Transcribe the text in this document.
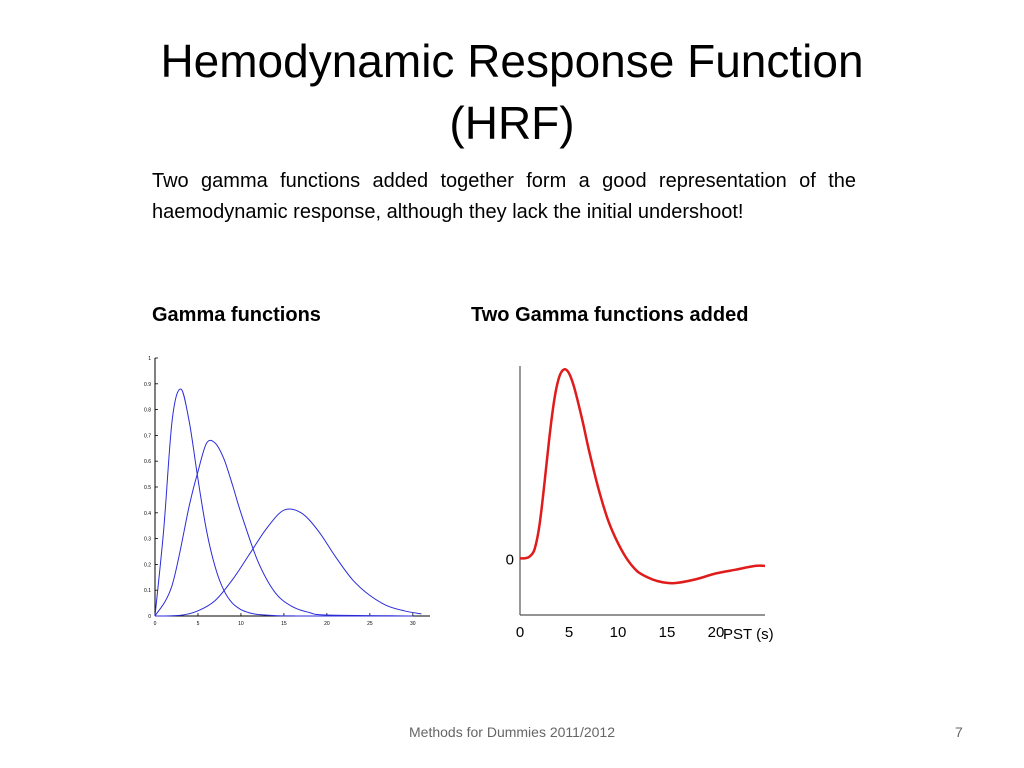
Hemodynamic Response Function
(HRF)

Two gamma functions added together form a good representation of the haemodynamic response, although they lack the initial undershoot!

Gamma functions	Two Gamma functions added

0
0.1
0.2
0.3
0.4
0.5
0.6
0.7
0.8
0.9
1
0	5	10	15	20	25	30
0
0	5 10 15 20
PST (s)
Methods for Dummies 2011/2012	7
